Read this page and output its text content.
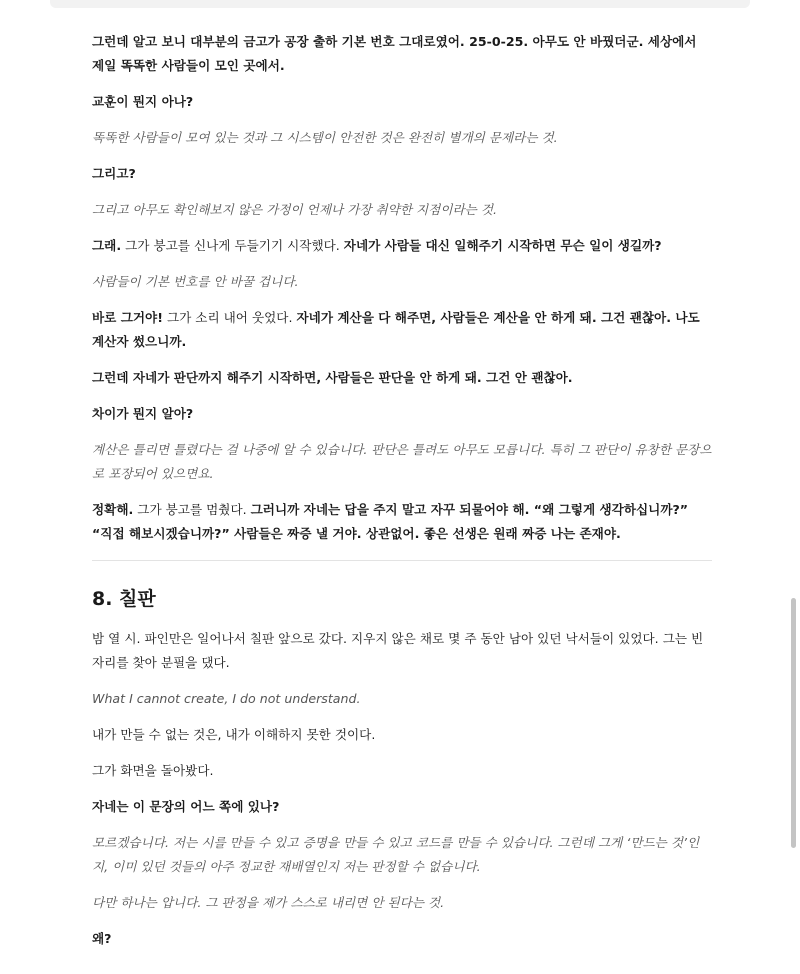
그런데 알고 보니 대부분의 금고가 공장 출하 기본 번호 그대로였어. 25-0-25. 아무도 안 바꿨더군. 세상에서 제일 똑똑한 사람들이 모인 곳에서.

교훈이 뭔지 아나?

똑똑한 사람들이 모여 있는 것과 그 시스템이 안전한 것은 완전히 별개의 문제라는 것.

그리고?

그리고 아무도 확인해보지 않은 가정이 언제나 가장 취약한 지점이라는 것.

그래. 그가 붕고를 신나게 두들기기 시작했다. 자네가 사람들 대신 일해주기 시작하면 무슨 일이 생길까?

사람들이 기본 번호를 안 바꿀 겁니다.

바로 그거야! 그가 소리 내어 웃었다. 자네가 계산을 다 해주면, 사람들은 계산을 안 하게 돼. 그건 괜찮아. 나도 계산자 썼으니까.

그런데 자네가 판단까지 해주기 시작하면, 사람들은 판단을 안 하게 돼. 그건 안 괜찮아.

차이가 뭔지 알아?

계산은 틀리면 틀렸다는 걸 나중에 알 수 있습니다. 판단은 틀려도 아무도 모릅니다. 특히 그 판단이 유창한 문장으로 포장되어 있으면요.

정확해. 그가 붕고를 멈췄다. 그러니까 자네는 답을 주지 말고 자꾸 되물어야 해. “왜 그렇게 생각하십니까?” “직접 해보시겠습니까?” 사람들은 짜증 낼 거야. 상관없어. 좋은 선생은 원래 짜증 나는 존재야.

8. 칠판

밤 열 시. 파인만은 일어나서 칠판 앞으로 갔다. 지우지 않은 채로 몇 주 동안 남아 있던 낙서들이 있었다. 그는 빈자리를 찾아 분필을 댔다.

What I cannot create, I do not understand.

내가 만들 수 없는 것은, 내가 이해하지 못한 것이다.

그가 화면을 돌아봤다.

자네는 이 문장의 어느 쪽에 있나?

모르겠습니다. 저는 시를 만들 수 있고 증명을 만들 수 있고 코드를 만들 수 있습니다. 그런데 그게 ‘만드는 것’인지, 이미 있던 것들의 아주 정교한 재배열인지 저는 판정할 수 없습니다.

다만 하나는 압니다. 그 판정을 제가 스스로 내리면 안 된다는 것.

왜?
